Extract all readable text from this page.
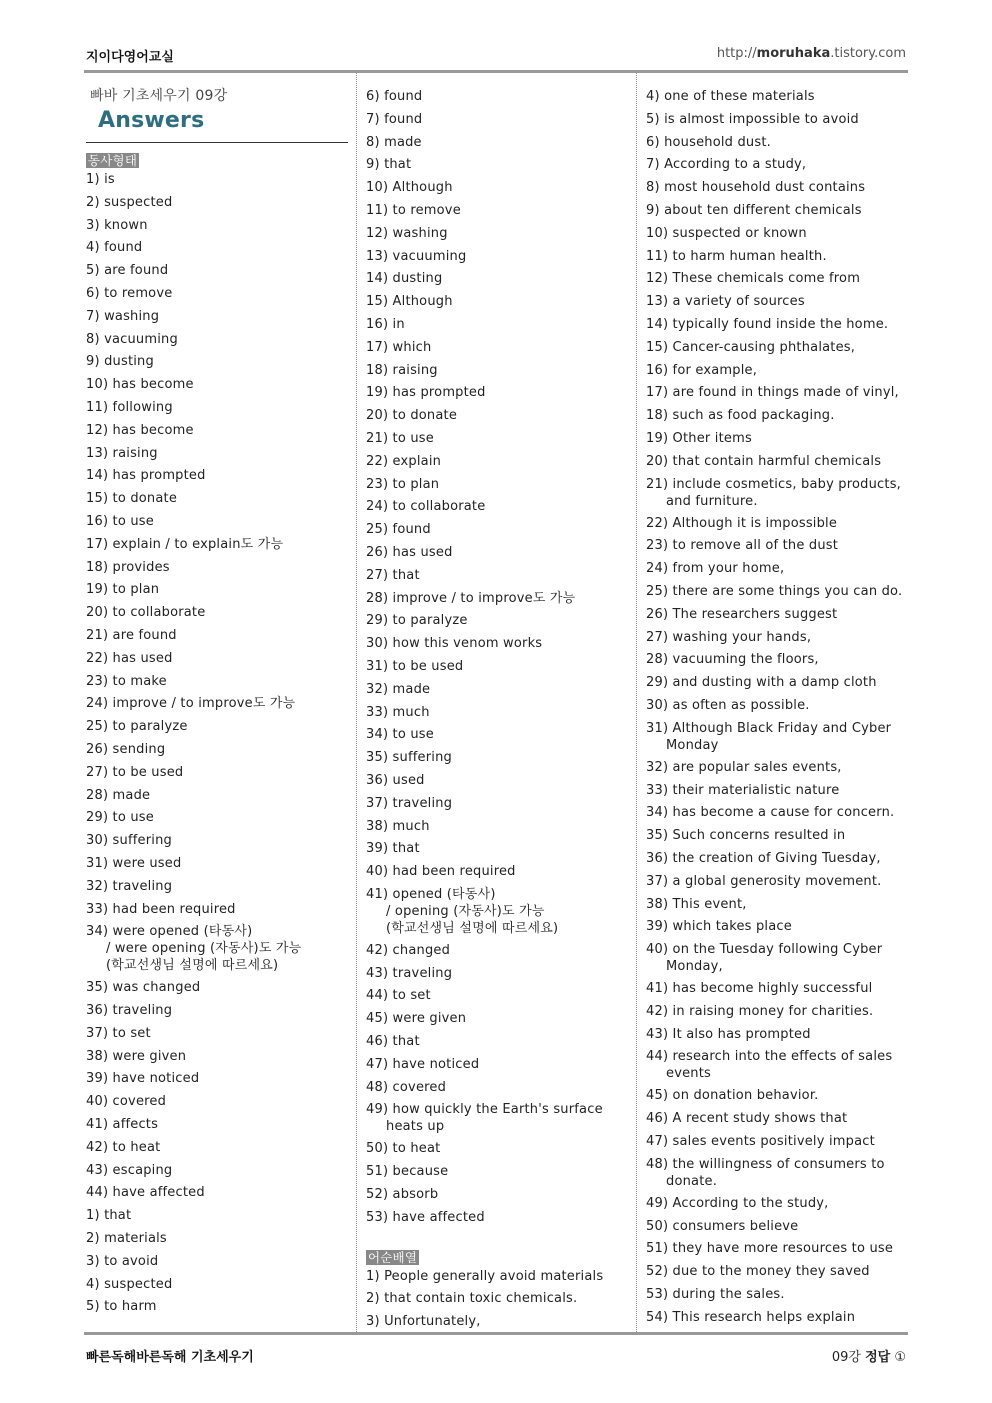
지이다영어교실	http://moruhaka.tistory.com
빠바 기초세우기 09강
Answers
동사형태
1) is
2) suspected
3) known
4) found
5) are found
6) to remove
7) washing
8) vacuuming
9) dusting
10) has become
11) following
12) has become
13) raising
14) has prompted
15) to donate
16) to use
17) explain / to explain도 가능
18) provides
19) to plan
20) to collaborate
21) are found
22) has used
23) to make
24) improve / to improve도 가능
25) to paralyze
26) sending
27) to be used
28) made
29) to use
30) suffering
31) were used
32) traveling
33) had been required
34) were opened (타동사)
/ were opening (자동사)도 가능
(학교선생님 설명에 따르세요)
35) was changed
36) traveling
37) to set
38) were given
39) have noticed
40) covered
41) affects
42) to heat
43) escaping
44) have affected
1) that
2) materials
3) to avoid
4) suspected
5) to harm
6) found
7) found
8) made
9) that
10) Although
11) to remove
12) washing
13) vacuuming
14) dusting
15) Although
16) in
17) which
18) raising
19) has prompted
20) to donate
21) to use
22) explain
23) to plan
24) to collaborate
25) found
26) has used
27) that
28) improve / to improve도 가능
29) to paralyze
30) how this venom works
31) to be used
32) made
33) much
34) to use
35) suffering
36) used
37) traveling
38) much
39) that
40) had been required
41) opened (타동사)
/ opening (자동사)도 가능
(학교선생님 설명에 따르세요)
42) changed
43) traveling
44) to set
45) were given
46) that
47) have noticed
48) covered
49) how quickly the Earth's surface
heats up
50) to heat
51) because
52) absorb
53) have affected
어순배열
1) People generally avoid materials
2) that contain toxic chemicals.
3) Unfortunately,
4) one of these materials
5) is almost impossible to avoid
6) household dust.
7) According to a study,
8) most household dust contains
9) about ten different chemicals
10) suspected or known
11) to harm human health.
12) These chemicals come from
13) a variety of sources
14) typically found inside the home.
15) Cancer-causing phthalates,
16) for example,
17) are found in things made of vinyl,
18) such as food packaging.
19) Other items
20) that contain harmful chemicals
21) include cosmetics, baby products,
and furniture.
22) Although it is impossible
23) to remove all of the dust
24) from your home,
25) there are some things you can do.
26) The researchers suggest
27) washing your hands,
28) vacuuming the floors,
29) and dusting with a damp cloth
30) as often as possible.
31) Although Black Friday and Cyber
Monday
32) are popular sales events,
33) their materialistic nature
34) has become a cause for concern.
35) Such concerns resulted in
36) the creation of Giving Tuesday,
37) a global generosity movement.
38) This event,
39) which takes place
40) on the Tuesday following Cyber
Monday,
41) has become highly successful
42) in raising money for charities.
43) It also has prompted
44) research into the effects of sales
events
45) on donation behavior.
46) A recent study shows that
47) sales events positively impact
48) the willingness of consumers to
donate.
49) According to the study,
50) consumers believe
51) they have more resources to use
52) due to the money they saved
53) during the sales.
54) This research helps explain
빠른독해바른독해 기초세우기	09강 정답 ①
